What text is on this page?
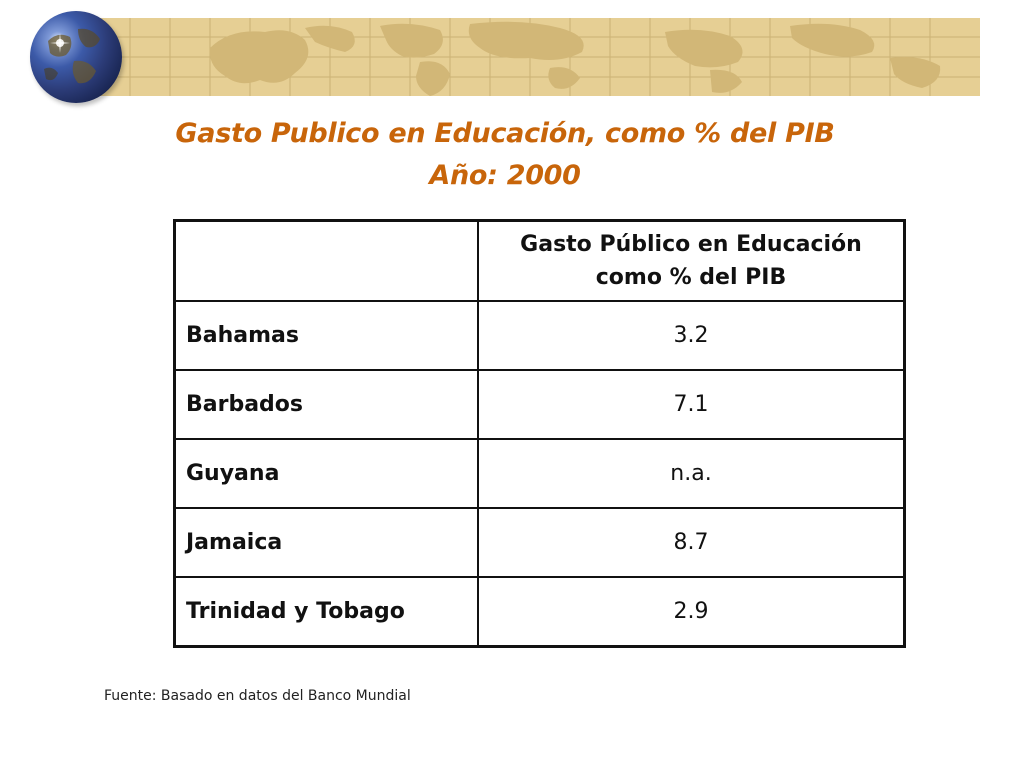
Gasto Publico en Educación, como % del PIB
Año: 2000
	Gasto Público en Educación
como % del PIB
Bahamas	3.2
Barbados	7.1
Guyana	n.a.
Jamaica	8.7
Trinidad y Tobago	2.9
Fuente: Basado en datos del Banco Mundial
